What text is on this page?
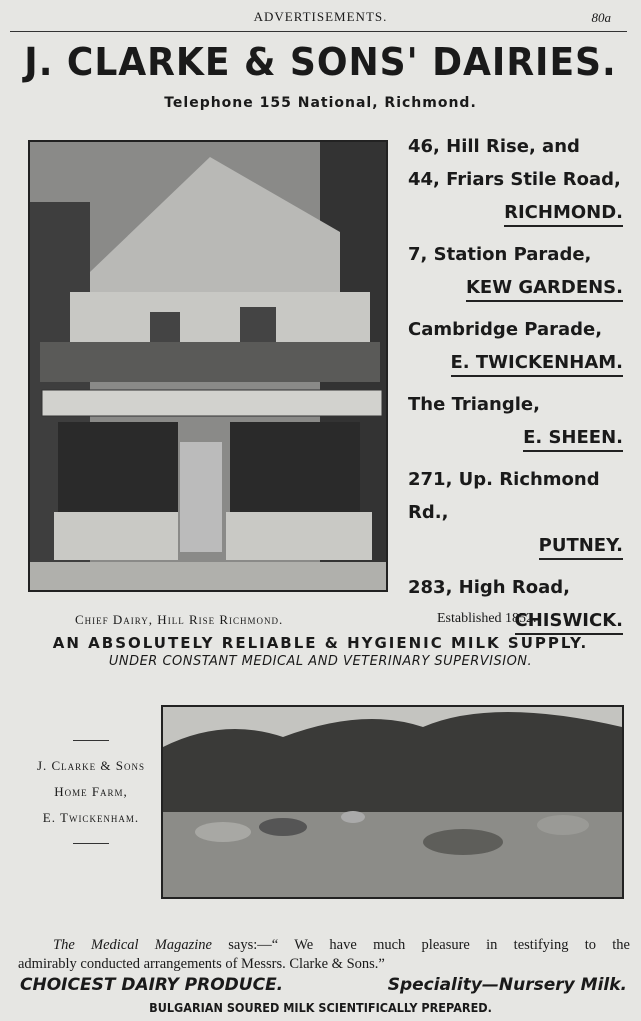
ADVERTISEMENTS.	80a
J. CLARKE & SONS' DAIRIES.
Telephone 155 National, Richmond.
46, Hill Rise, and
44, Friars Stile Road,
RICHMOND.
7, Station Parade,
KEW GARDENS.
Cambridge Parade,
E. TWICKENHAM.
The Triangle,
E. SHEEN.
271, Up. Richmond Rd.,
PUTNEY.
283, High Road,
CHISWICK.
Chief Dairy, Hill Rise Richmond.	Established 1852.
AN ABSOLUTELY RELIABLE & HYGIENIC MILK SUPPLY.
UNDER CONSTANT MEDICAL AND VETERINARY SUPERVISION.
J. Clarke & Sons
Home Farm,
E. Twickenham.
The Medical Magazine says:—“ We have much pleasure in testifying to the
admirably conducted arrangements of Messrs. Clarke & Sons.”
CHOICEST DAIRY PRODUCE.	Speciality—Nursery Milk.
BULGARIAN SOURED MILK SCIENTIFICALLY PREPARED.
